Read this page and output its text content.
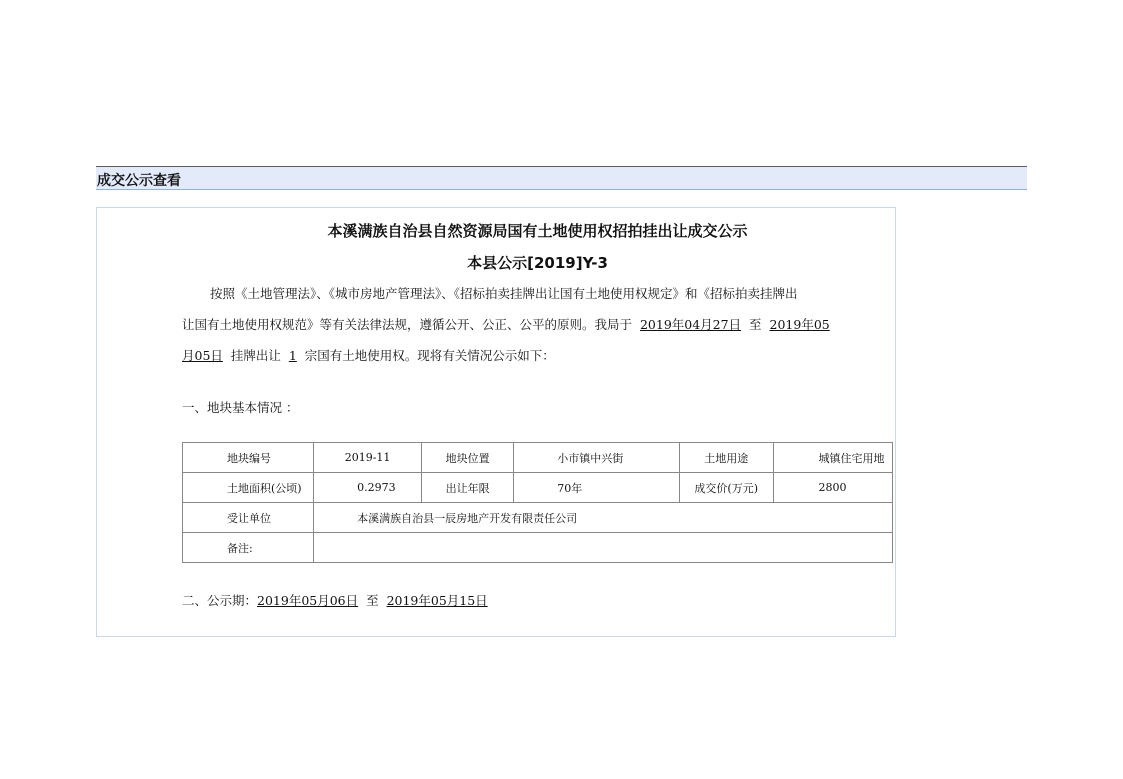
成交公示查看
本溪满族自治县自然资源局国有土地使用权招拍挂出让成交公示
本县公示[2019]Y-3
按照《土地管理法》、《城市房地产管理法》、《招标拍卖挂牌出让国有土地使用权规定》和《招标拍卖挂牌出
让国有土地使用权规范》等有关法律法规，遵循公开、公正、公平的原则。我局于 2019年04月27日 至 2019年05
月05日 挂牌出让 1 宗国有土地使用权。现将有关情况公示如下：
一、地块基本情况 ：
地块编号	2019-11	地块位置	小市镇中兴街	土地用途	城镇住宅用地
土地面积(公顷)	0.2973	出让年限	70年	成交价(万元)	2800
受让单位	本溪满族自治县一辰房地产开发有限责任公司				
备注:					
二、公示期：2019年05月06日 至 2019年05月15日
